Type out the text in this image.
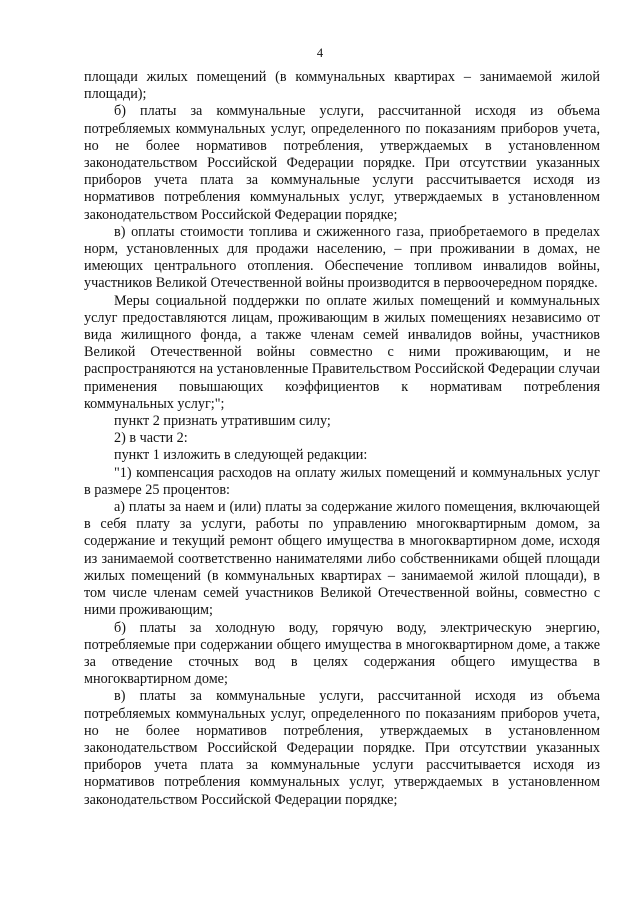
4

площади жилых помещений (в коммунальных квартирах – занимаемой жилой площади);

б) платы за коммунальные услуги, рассчитанной исходя из объема потребляемых коммунальных услуг, определенного по показаниям приборов учета, но не более нормативов потребления, утверждаемых в установленном законодательством Российской Федерации порядке. При отсутствии указанных приборов учета плата за коммунальные услуги рассчитывается исходя из нормативов потребления коммунальных услуг, утверждаемых в установленном законодательством Российской Федерации порядке;

в) оплаты стоимости топлива и сжиженного газа, приобретаемого в пределах норм, установленных для продажи населению, – при проживании в домах, не имеющих центрального отопления. Обеспечение топливом инвалидов войны, участников Великой Отечественной войны производится в первоочередном порядке.

Меры социальной поддержки по оплате жилых помещений и коммунальных услуг предоставляются лицам, проживающим в жилых помещениях независимо от вида жилищного фонда, а также членам семей инвалидов войны, участников Великой Отечественной войны совместно с ними проживающим, и не распространяются на установленные Правительством Российской Федерации случаи применения повышающих коэффициентов к нормативам потребления коммунальных услуг;";

пункт 2 признать утратившим силу;

2) в части 2:

пункт 1 изложить в следующей редакции:

"1) компенсация расходов на оплату жилых помещений и коммунальных услуг в размере 25 процентов:

а) платы за наем и (или) платы за содержание жилого помещения, включающей в себя плату за услуги, работы по управлению многоквартирным домом, за содержание и текущий ремонт общего имущества в многоквартирном доме, исходя из занимаемой соответственно нанимателями либо собственниками общей площади жилых помещений (в коммунальных квартирах – занимаемой жилой площади), в том числе членам семей участников Великой Отечественной войны, совместно с ними проживающим;

б) платы за холодную воду, горячую воду, электрическую энергию, потребляемые при содержании общего имущества в многоквартирном доме, а также за отведение сточных вод в целях содержания общего имущества в многоквартирном доме;

в) платы за коммунальные услуги, рассчитанной исходя из объема потребляемых коммунальных услуг, определенного по показаниям приборов учета, но не более нормативов потребления, утверждаемых в установленном законодательством Российской Федерации порядке. При отсутствии указанных приборов учета плата за коммунальные услуги рассчитывается исходя из нормативов потребления коммунальных услуг, утверждаемых в установленном законодательством Российской Федерации порядке;
